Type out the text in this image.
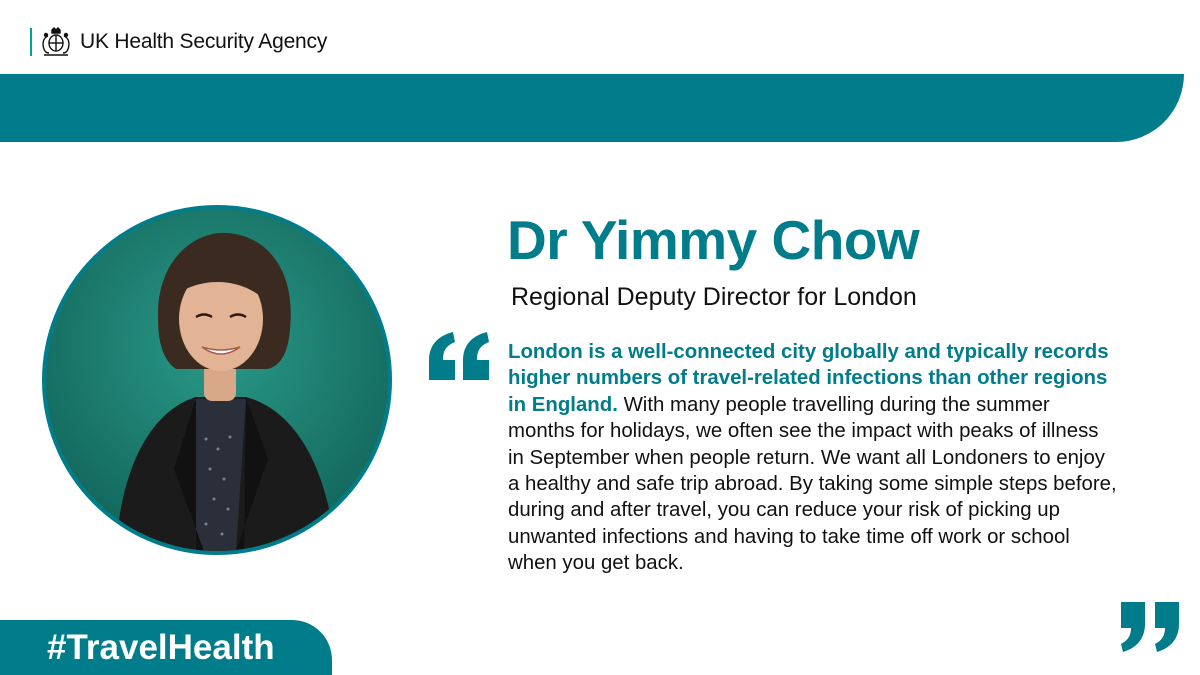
UK Health Security Agency
Dr Yimmy Chow
Regional Deputy Director for London

London is a well-connected city globally and typically records higher numbers of travel-related infections than other regions in England. With many people travelling during the summer months for holidays, we often see the impact with peaks of illness in September when people return. We want all Londoners to enjoy a healthy and safe trip abroad. By taking some simple steps before, during and after travel, you can reduce your risk of picking up unwanted infections and having to take time off work or school when you get back.

#TravelHealth
